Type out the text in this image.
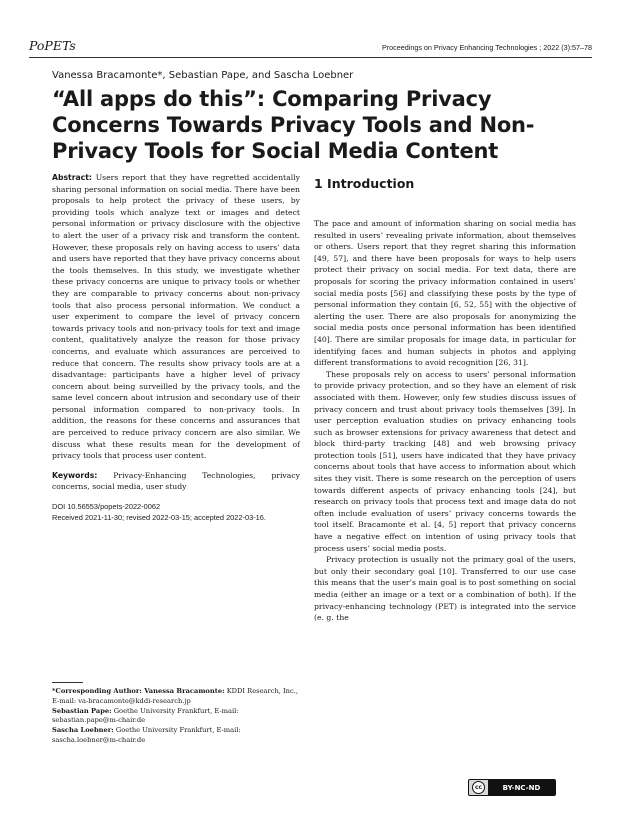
PoPETs	Proceedings on Privacy Enhancing Technologies ; 2022 (3):57–78
Vanessa Bracamonte*, Sebastian Pape, and Sascha Loebner
“All apps do this”: Comparing Privacy Concerns Towards Privacy Tools and Non-Privacy Tools for Social Media Content

Abstract: Users report that they have regretted accidentally sharing personal information on social media. There have been proposals to help protect the privacy of these users, by providing tools which analyze text or images and detect personal information or privacy disclosure with the objective to alert the user of a privacy risk and transform the content. However, these proposals rely on having access to users’ data and users have reported that they have privacy concerns about the tools themselves. In this study, we investigate whether these privacy concerns are unique to privacy tools or whether they are comparable to privacy concerns about non-privacy tools that also process personal information. We conduct a user experiment to compare the level of privacy concern towards privacy tools and non-privacy tools for text and image content, qualitatively analyze the reason for those privacy concerns, and evaluate which assurances are perceived to reduce that concern. The results show privacy tools are at a disadvantage: participants have a higher level of privacy concern about being surveilled by the privacy tools, and the same level concern about intrusion and secondary use of their personal information compared to non-privacy tools. In addition, the reasons for these concerns and assurances that are perceived to reduce privacy concern are also similar. We discuss what these results mean for the development of privacy tools that process user content.

Keywords: Privacy-Enhancing Technologies, privacy concerns, social media, user study

DOI 10.56553/popets-2022-0062

Received 2021-11-30; revised 2022-03-15; accepted 2022-03-16.

*Corresponding Author: Vanessa Bracamonte: KDDI Research, Inc., E-mail: va-bracamonte@kddi-research.jp

Sebastian Pape: Goethe University Frankfurt, E-mail: sebastian.pape@m-chair.de

Sascha Loebner: Goethe University Frankfurt, E-mail: sascha.loebner@m-chair.de

1 Introduction

The pace and amount of information sharing on social media has resulted in users’ revealing private information, about themselves or others. Users report that they regret sharing this information [49, 57], and there have been proposals for ways to help users protect their privacy on social media. For text data, there are proposals for scoring the privacy information contained in users’ social media posts [56] and classifying these posts by the type of personal information they contain [6, 52, 55] with the objective of alerting the user. There are also proposals for anonymizing the social media posts once personal information has been identified [40]. There are similar proposals for image data, in particular for identifying faces and human subjects in photos and applying different transformations to avoid recognition [26, 31].

These proposals rely on access to users’ personal information to provide privacy protection, and so they have an element of risk associated with them. However, only few studies discuss issues of privacy concern and trust about privacy tools themselves [39]. In user perception evaluation studies on privacy enhancing tools such as browser extensions for privacy awareness that detect and block third-party tracking [48] and web browsing privacy protection tools [51], users have indicated that they have privacy concerns about tools that have access to information about which sites they visit. There is some research on the perception of users towards different aspects of privacy enhancing tools [24], but research on privacy tools that process text and image data do not often include evaluation of users’ privacy concerns towards the tool itself. Bracamonte et al. [4, 5] report that privacy concerns have a negative effect on intention of using privacy tools that process users’ social media posts.

Privacy protection is usually not the primary goal of the users, but only their secondary goal [10]. Transferred to our use case this means that the user’s main goal is to post something on social media (either an image or a text or a combination of both). If the privacy-enhancing technology (PET) is integrated into the service (e. g. the

cc	BY-NC-ND
